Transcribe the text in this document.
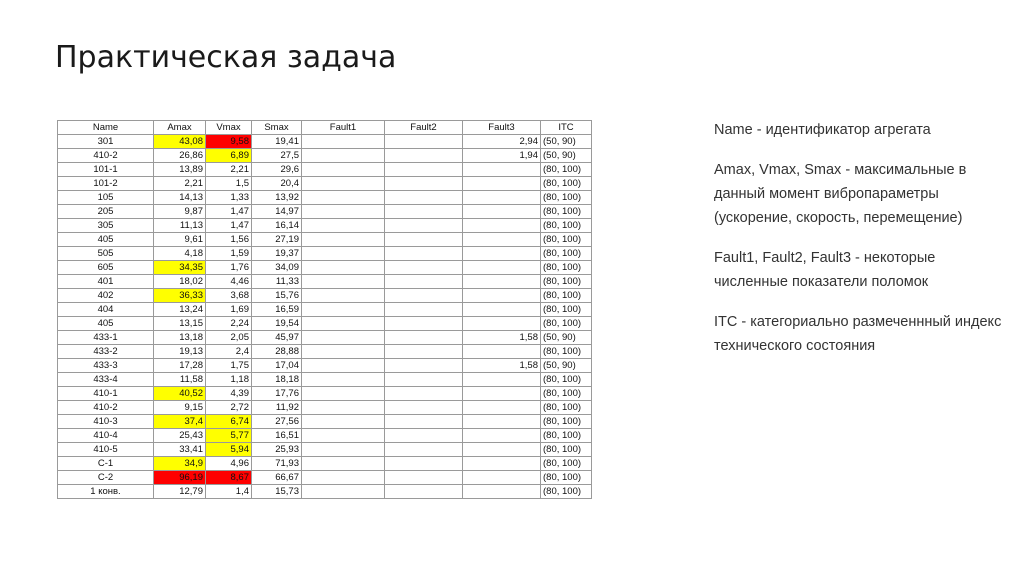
Практическая задача
Name	Amax	Vmax	Smax	Fault1	Fault2	Fault3	ITC
301	43,08	9,58	19,41			2,94	(50, 90)
410-2	26,86	6,89	27,5			1,94	(50, 90)
101-1	13,89	2,21	29,6				(80, 100)
101-2	2,21	1,5	20,4				(80, 100)
105	14,13	1,33	13,92				(80, 100)
205	9,87	1,47	14,97				(80, 100)
305	11,13	1,47	16,14				(80, 100)
405	9,61	1,56	27,19				(80, 100)
505	4,18	1,59	19,37				(80, 100)
605	34,35	1,76	34,09				(80, 100)
401	18,02	4,46	11,33				(80, 100)
402	36,33	3,68	15,76				(80, 100)
404	13,24	1,69	16,59				(80, 100)
405	13,15	2,24	19,54				(80, 100)
433-1	13,18	2,05	45,97			1,58	(50, 90)
433-2	19,13	2,4	28,88				(80, 100)
433-3	17,28	1,75	17,04			1,58	(50, 90)
433-4	11,58	1,18	18,18				(80, 100)
410-1	40,52	4,39	17,76				(80, 100)
410-2	9,15	2,72	11,92				(80, 100)
410-3	37,4	6,74	27,56				(80, 100)
410-4	25,43	5,77	16,51				(80, 100)
410-5	33,41	5,94	25,93				(80, 100)
C-1	34,9	4,96	71,93				(80, 100)
C-2	96,19	8,67	66,67				(80, 100)
1 конв.	12,79	1,4	15,73				(80, 100)

Name - идентификатор агрегата

Amax, Vmax, Smax - максимальные в данный момент вибропараметры (ускорение, скорость, перемещение)

Fault1, Fault2, Fault3 - некоторые численные показатели поломок

ITC - категориально размеченнный индекс технического состояния
